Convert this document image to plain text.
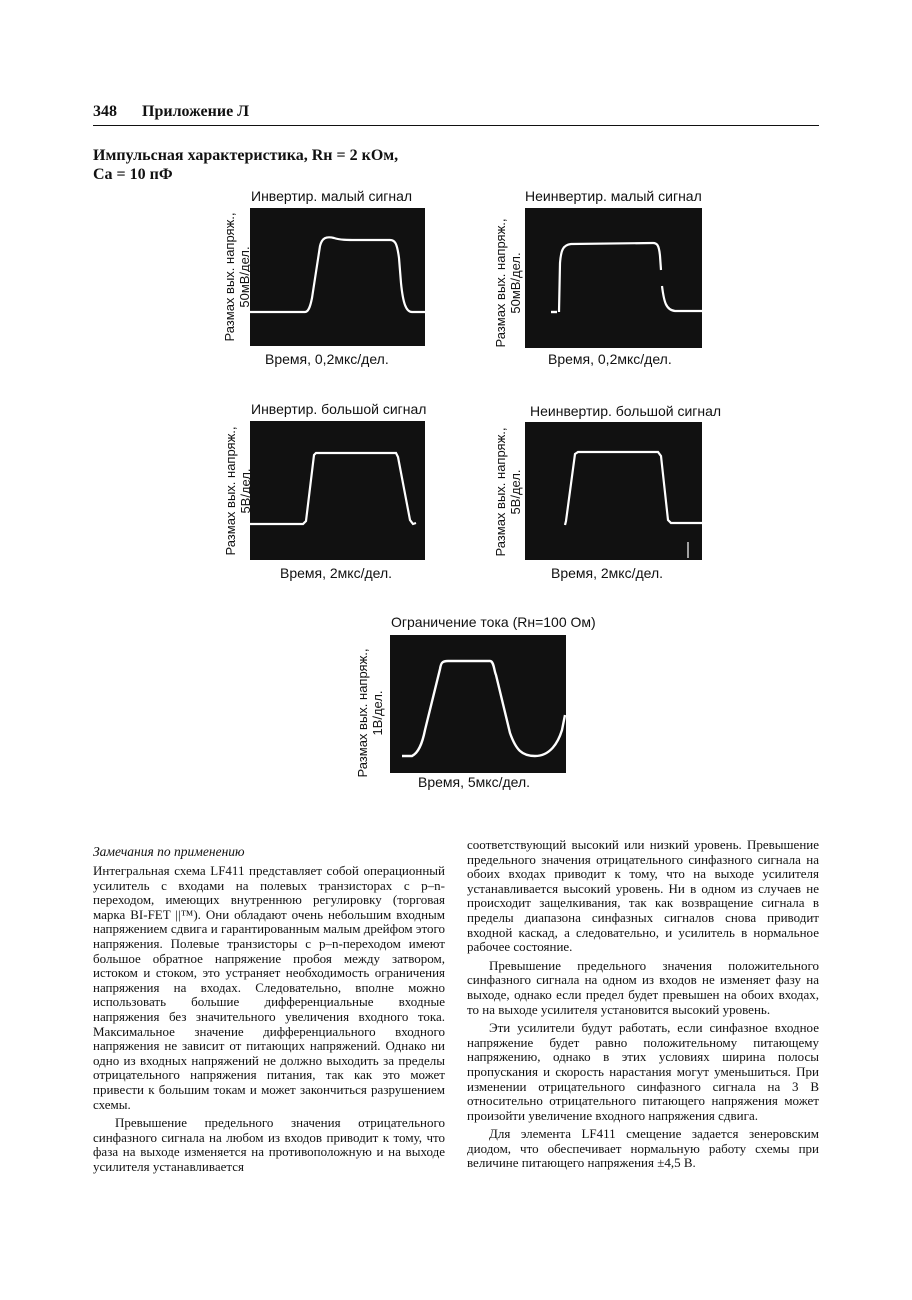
348 Приложение Л
Импульсная характеристика, Rн = 2 кОм,
Cа = 10 пФ
Инвертир. малый сигнал
Размах вых. напряж., 50мВ/дел.
Время, 0,2мкс/дел.
Неинвертир. малый сигнал
Размах вых. напряж., 50мВ/дел.
Время, 0,2мкс/дел.
Инвертир. большой сигнал
Размах вых. напряж., 5В/дел.
Время, 2мкс/дел.
Неинвертир. большой сигнал
Размах вых. напряж., 5В/дел.
Время, 2мкс/дел.
Ограничение тока (Rн=100 Ом)
Размах вых. напряж., 1В/дел.
Время, 5мкс/дел.
Замечания по применению

Интегральная схема LF411 представляет собой операционный усилитель с входами на полевых транзисторах с p–n-переходом, имеющих внутреннюю регулировку (торговая марка BI-FET ||™). Они обладают очень небольшим входным напряжением сдвига и гарантированным малым дрейфом этого напряжения. Полевые транзисторы с p–n-переходом имеют большое обратное напряжение пробоя между затвором, истоком и стоком, это устраняет необходимость ограничения напряжения на входах. Следовательно, вполне можно использовать большие дифференциальные входные напряжения без значительного увеличения входного тока. Максимальное значение дифференциального входного напряжения не зависит от питающих напряжений. Однако ни одно из входных напряжений не должно выходить за пределы отрицательного напряжения питания, так как это может привести к большим токам и может закончиться разрушением схемы.

Превышение предельного значения отрицательного синфазного сигнала на любом из входов приводит к тому, что фаза на выходе изменяется на противоположную и на выходе усилителя устанавливается

соответствующий высокий или низкий уровень. Превышение предельного значения отрицательного синфазного сигнала на обоих входах приводит к тому, что на выходе усилителя устанавливается высокий уровень. Ни в одном из случаев не происходит защелкивания, так как возвращение сигнала в пределы диапазона синфазных сигналов снова приводит входной каскад, а следовательно, и усилитель в нормальное рабочее состояние.

Превышение предельного значения положительного синфазного сигнала на одном из входов не изменяет фазу на выходе, однако если предел будет превышен на обоих входах, то на выходе усилителя установится высокий уровень.

Эти усилители будут работать, если синфазное входное напряжение будет равно положительному питающему напряжению, однако в этих условиях ширина полосы пропускания и скорость нарастания могут уменьшиться. При изменении отрицательного синфазного сигнала на 3 В относительно отрицательного питающего напряжения может произойти увеличение входного напряжения сдвига.

Для элемента LF411 смещение задается зенеровским диодом, что обеспечивает нормальную работу схемы при величине питающего напряжения ±4,5 В.
